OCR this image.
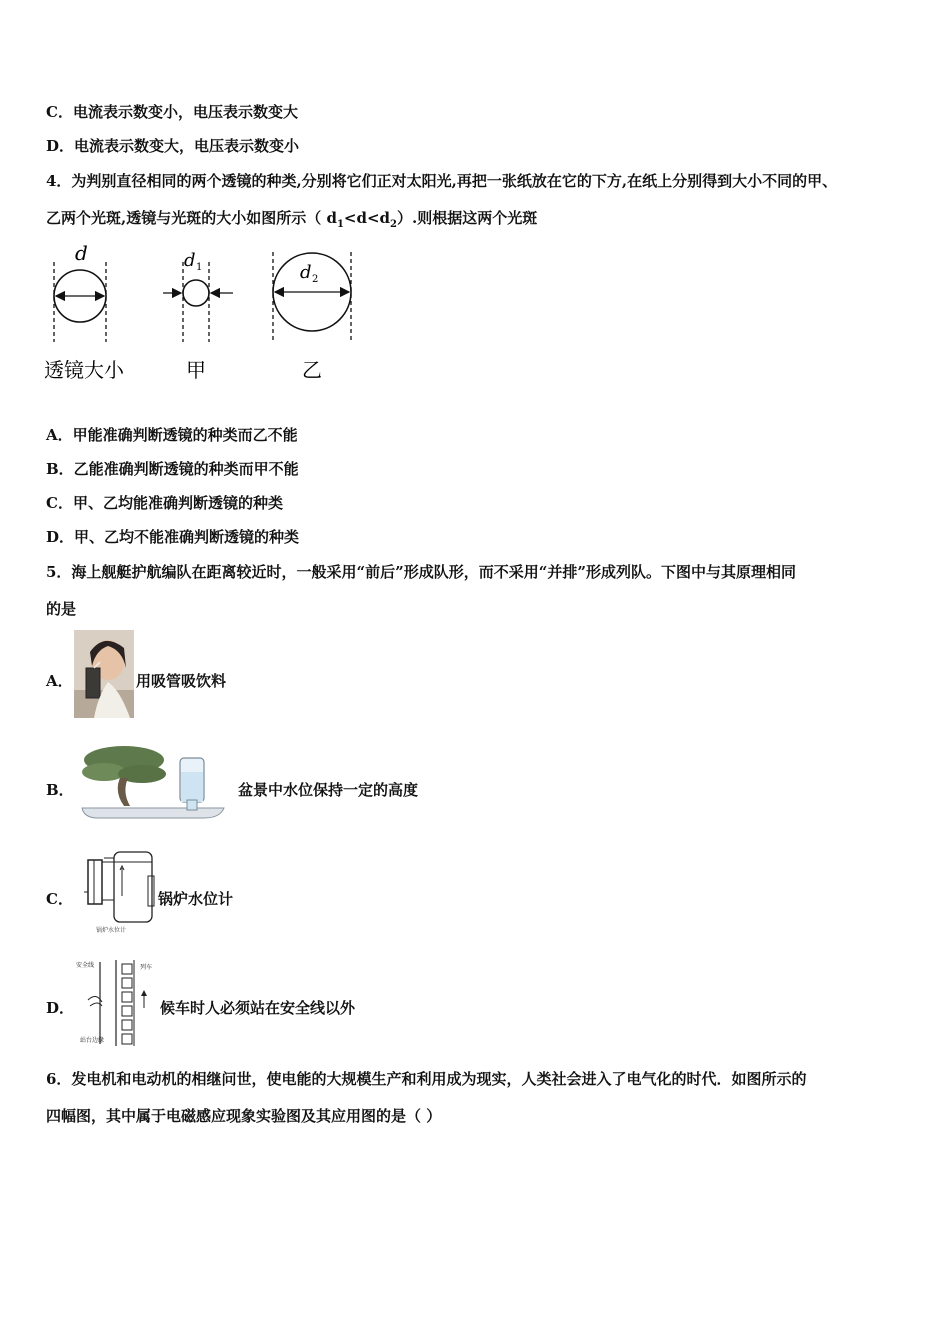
C．电流表示数变小，电压表示数变大
D．电流表示数变大，电压表示数变小
4．为判别直径相同的两个透镜的种类,分别将它们正对太阳光,再把一张纸放在它的下方,在纸上分别得到大小不同的甲、
乙两个光斑,透镜与光斑的大小如图所示（ $d_1<d<d_2$）.则根据这两个光斑
d	d 1	d 2
透镜大小	甲	乙
A．甲能准确判断透镜的种类而乙不能
B．乙能准确判断透镜的种类而甲不能
C．甲、乙均能准确判断透镜的种类
D．甲、乙均不能准确判断透镜的种类
5．海上舰艇护航编队在距离较近时，一般采用“前后”形成队形，而不采用“并排”形成列队。下图中与其原理相同
的是
A．	用吸管吸饮料
B．	盆景中水位保持一定的高度
C．
锅炉水位计
锅炉水位计
D．
安全线	列车
站台边缘
候车时人必须站在安全线以外
6．发电机和电动机的相继问世，使电能的大规模生产和利用成为现实，人类社会进入了电气化的时代．如图所示的
四幅图，其中属于电磁感应现象实验图及其应用图的是（ ）
